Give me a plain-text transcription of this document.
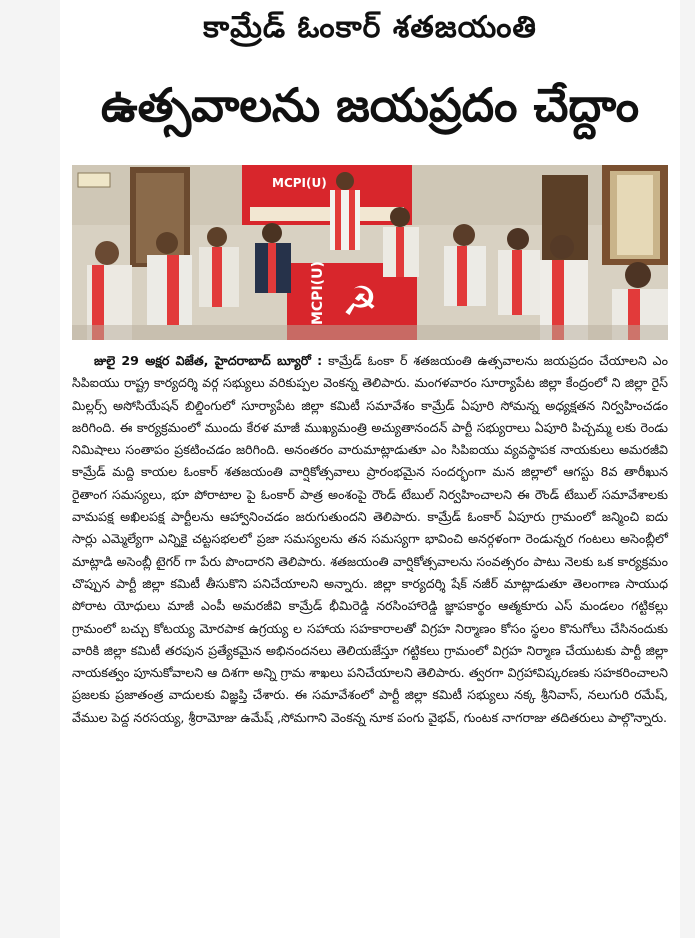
కామ్రేడ్ ఓంకార్ శతజయంతి
ఉత్సవాలను జయప్రదం చేద్దాం
MCPI(U)
MCPI(U) ☭

జులై 29 అక్షర విజేత, హైదరాబాద్ బ్యూరో : కామ్రేడ్ ఓంకా ర్ శతజయంతి ఉత్సవాలను జయప్రదం చేయాలని ఎం సిపిఐయు రాష్ట్ర కార్యదర్శి వర్గ సభ్యులు వరికుప్పల వెంకన్న తెలిపారు. మంగళవారం సూర్యాపేట జిల్లా కేంద్రంలో ని జిల్లా రైస్ మిల్లర్స్ అసోసియేషన్ బిల్డింగులో సూర్యాపేట జిల్లా కమిటీ సమావేశం కామ్రేడ్ ఏపూరి సోమన్న అధ్యక్షతన నిర్వహించడం జరిగింది. ఈ కార్యక్రమంలో ముందు కేరళ మాజీ ముఖ్యమంత్రి అచ్యుతానందన్ పార్టీ సభ్యురాలు ఏపూరి పిచ్చమ్మ లకు రెండు నిమిషాలు సంతాపం ప్రకటించడం జరిగింది. అనంతరం వారుమాట్లాడుతూ ఎం సిపిఐయు వ్యవస్థాపక నాయకులు అమరజీవి కామ్రేడ్ మద్ది కాయల ఓంకార్ శతజయంతి వార్షికోత్సవాలు ప్రారంభమైన సందర్భంగా మన జిల్లాలో ఆగస్టు 8వ తారీఖున రైతాంగ సమస్యలు, భూ పోరాటాల పై ఓంకార్ పాత్ర అంశంపై రౌండ్ టేబుల్ నిర్వహించాలని ఈ రౌండ్ టేబుల్ సమావేశాలకు వామపక్ష అఖిలపక్ష పార్టీలను ఆహ్వానించడం జరుగుతుందని తెలిపారు. కామ్రేడ్ ఓంకార్ ఏపూరు గ్రామంలో జన్మించి ఐదు సార్లు ఎమ్మెల్యేగా ఎన్నికై చట్టసభలలో ప్రజా సమస్యలను తన సమస్యగా భావించి అనర్గళంగా రెండున్నర గంటలు అసెంబ్లీలో మాట్లాడి అసెంబ్లీ టైగర్ గా పేరు పొందారని తెలిపారు. శతజయంతి వార్షికోత్సవాలను సంవత్సరం పాటు నెలకు ఒక కార్యక్రమం చొప్పున పార్టీ జిల్లా కమిటీ తీసుకొని పనిచేయాలని అన్నారు. జిల్లా కార్యదర్శి షేక్ నజీర్ మాట్లాడుతూ తెలంగాణ సాయుధ పోరాట యోధులు మాజీ ఎంపీ అమరజీవి కామ్రేడ్ భీమిరెడ్డి నరసింహారెడ్డి జ్ఞాపకార్థం ఆత్మకూరు ఎస్ మండలం గట్టికల్లు గ్రామంలో బచ్చు కోటయ్య మోరపాక ఉగ్రయ్య ల సహాయ సహకారాలతో విగ్రహ నిర్మాణం కోసం స్థలం కొనుగోలు చేసినందుకు వారికి జిల్లా కమిటీ తరపున ప్రత్యేకమైన అభినందనలు తెలియజేస్తూ గట్టికలు గ్రామంలో విగ్రహ నిర్మాణ చేయుటకు పార్టీ జిల్లా నాయకత్వం పూనుకోవాలని ఆ దిశగా అన్ని గ్రామ శాఖలు పనిచేయాలని తెలిపారు. త్వరగా విగ్రహావిష్కరణకు సహకరించాలని ప్రజలకు ప్రజాతంత్ర వాదులకు విజ్ఞప్తి చేశారు. ఈ సమావేశంలో పార్టీ జిల్లా కమిటీ సభ్యులు నక్క శ్రీనివాస్, నలుగురి రమేష్, వేముల పెద్ద నరసయ్య, శ్రీరామోజు ఉమేష్ ,సోమగాని వెంకన్న నూక పంగు వైభవ్, గుంటక నాగరాజు తదితరులు పాల్గొన్నారు.
